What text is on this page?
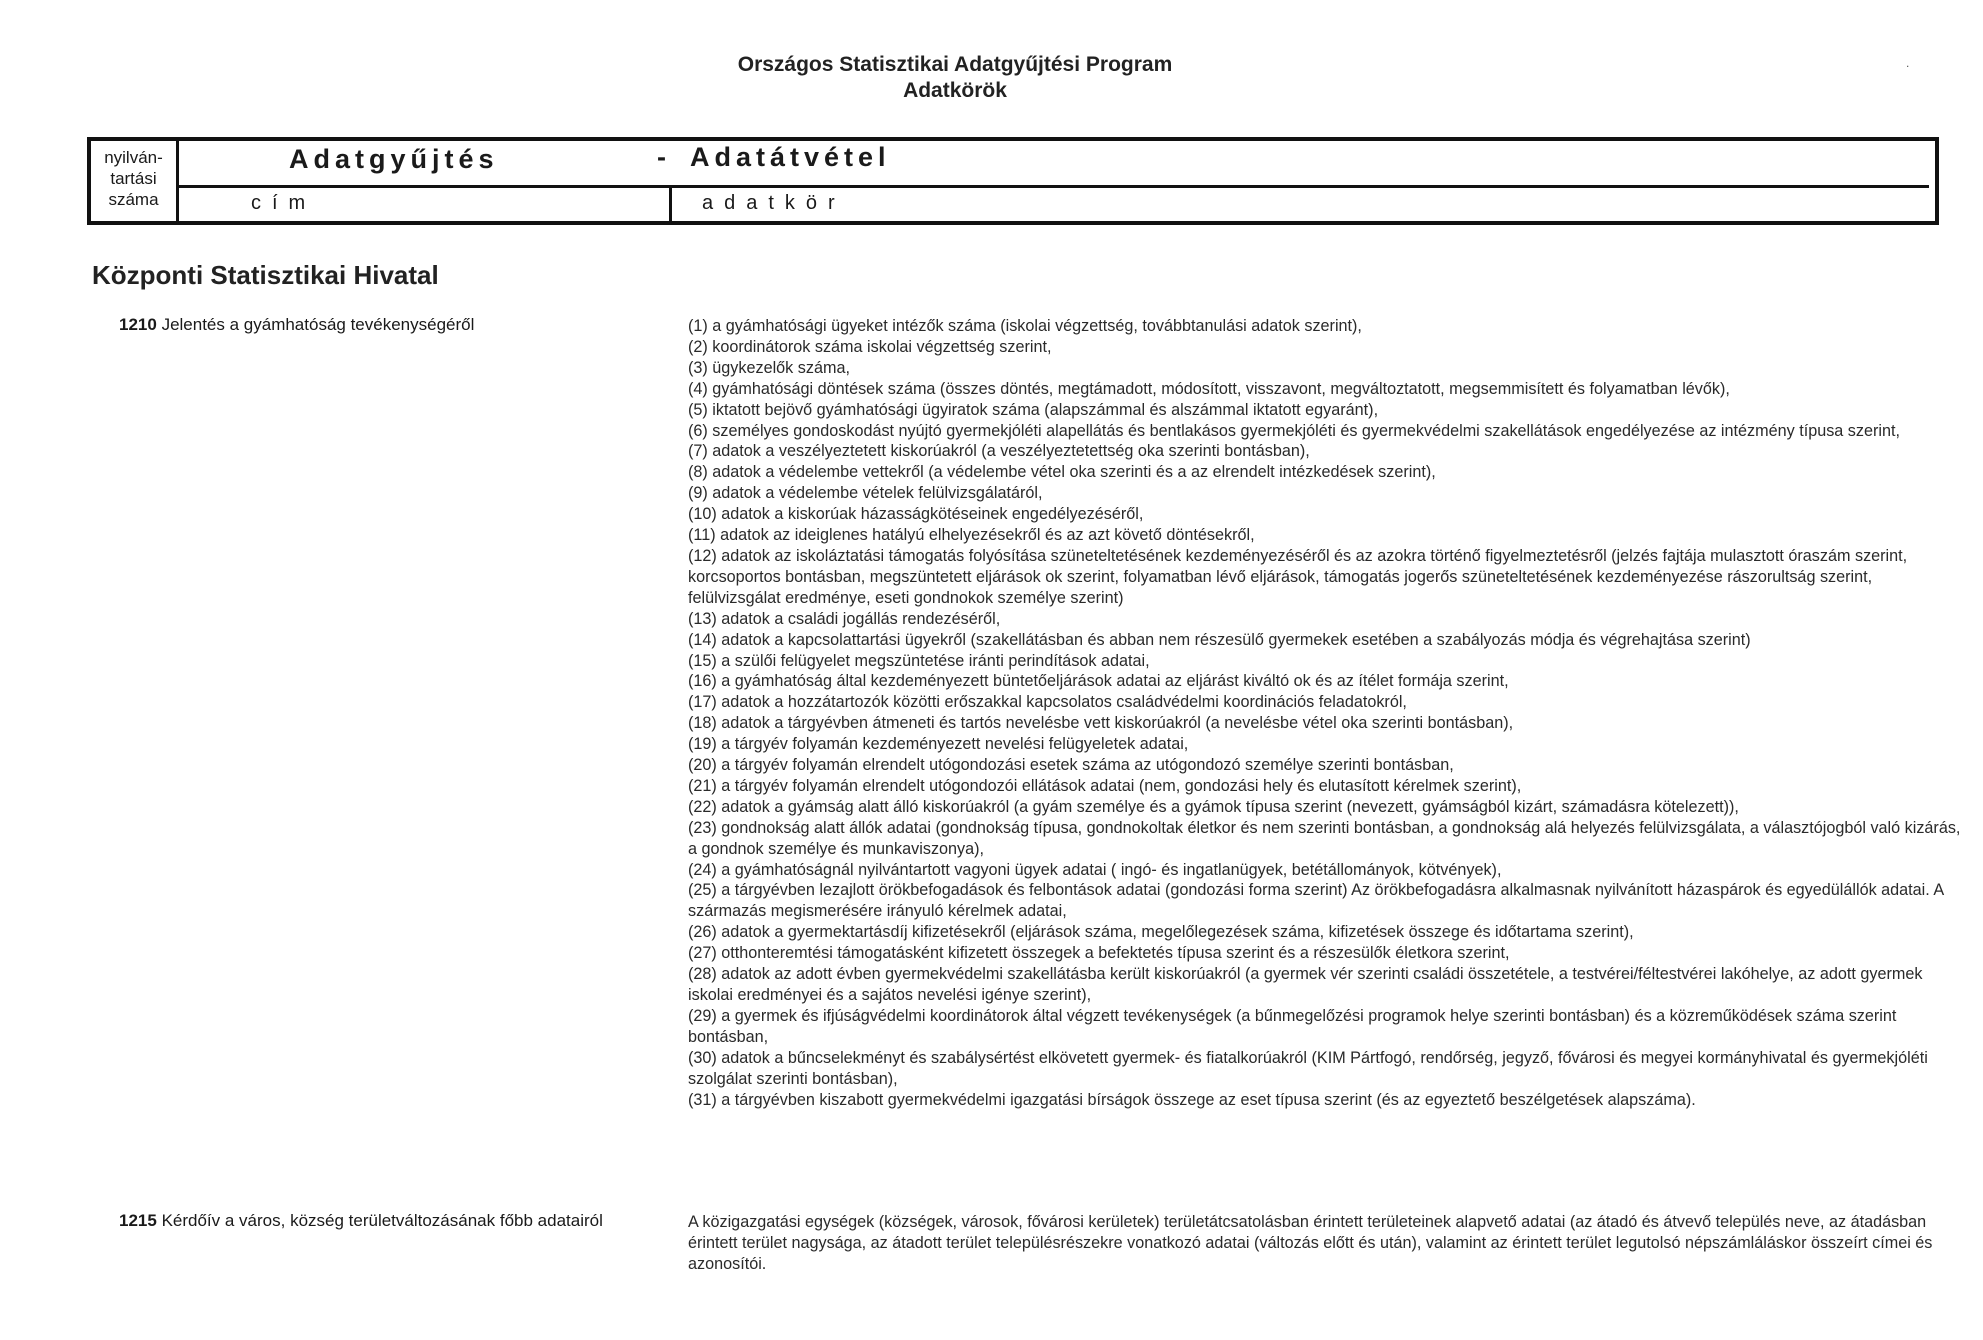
Országos Statisztikai Adatgyűjtési Program
Adatkörök
.
nyilván-
tartási
száma
Adatgyűjtés	- Adatátvétel
cím	adatkör
Központi Statisztikai Hivatal
1210 Jelentés a gyámhatóság tevékenységéről	(1) a gyámhatósági ügyeket intézők száma (iskolai végzettség, továbbtanulási adatok szerint),
(2) koordinátorok száma iskolai végzettség szerint,
(3) ügykezelők száma,
(4) gyámhatósági döntések száma (összes döntés, megtámadott, módosított, visszavont, megváltoztatott, megsemmisített és folyamatban lévők),
(5) iktatott bejövő gyámhatósági ügyiratok száma (alapszámmal és alszámmal iktatott egyaránt),
(6) személyes gondoskodást nyújtó gyermekjóléti alapellátás és bentlakásos gyermekjóléti és gyermekvédelmi szakellátások engedélyezése az intézmény típusa szerint,
(7) adatok a veszélyeztetett kiskorúakról (a veszélyeztetettség oka szerinti bontásban),
(8) adatok a védelembe vettekről (a védelembe vétel oka szerinti és a az elrendelt intézkedések szerint),
(9) adatok a védelembe vételek felülvizsgálatáról,
(10) adatok a kiskorúak házasságkötéseinek engedélyezéséről,
(11) adatok az ideiglenes hatályú elhelyezésekről és az azt követő döntésekről,
(12) adatok az iskoláztatási támogatás folyósítása szüneteltetésének kezdeményezéséről és az azokra történő figyelmeztetésről (jelzés fajtája mulasztott óraszám szerint, korcsoportos bontásban, megszüntetett eljárások ok szerint, folyamatban lévő eljárások, támogatás jogerős szüneteltetésének kezdeményezése rászorultság szerint, felülvizsgálat eredménye, eseti gondnokok személye szerint)
(13) adatok a családi jogállás rendezéséről,
(14) adatok a kapcsolattartási ügyekről (szakellátásban és abban nem részesülő gyermekek esetében a szabályozás módja és végrehajtása szerint)
(15) a szülői felügyelet megszüntetése iránti perindítások adatai,
(16) a gyámhatóság által kezdeményezett büntetőeljárások adatai az eljárást kiváltó ok és az ítélet formája szerint,
(17) adatok a hozzátartozók közötti erőszakkal kapcsolatos családvédelmi koordinációs feladatokról,
(18) adatok a tárgyévben átmeneti és tartós nevelésbe vett kiskorúakról (a nevelésbe vétel oka szerinti bontásban),
(19) a tárgyév folyamán kezdeményezett nevelési felügyeletek adatai,
(20) a tárgyév folyamán elrendelt utógondozási esetek száma az utógondozó személye szerinti bontásban,
(21) a tárgyév folyamán elrendelt utógondozói ellátások adatai (nem, gondozási hely és elutasított kérelmek szerint),
(22) adatok a gyámság alatt álló kiskorúakról (a gyám személye és a gyámok típusa szerint (nevezett, gyámságból kizárt, számadásra kötelezett)),
(23) gondnokság alatt állók adatai (gondnokság típusa, gondnokoltak életkor és nem szerinti bontásban, a gondnokság alá helyezés felülvizsgálata, a választójogból való kizárás, a gondnok személye és munkaviszonya),
(24) a gyámhatóságnál nyilvántartott vagyoni ügyek adatai ( ingó- és ingatlanügyek, betétállományok, kötvények),
(25) a tárgyévben lezajlott örökbefogadások és felbontások adatai (gondozási forma szerint) Az örökbefogadásra alkalmasnak nyilvánított házaspárok és egyedülállók adatai. A származás megismerésére irányuló kérelmek adatai,
(26) adatok a gyermektartásdíj kifizetésekről (eljárások száma, megelőlegezések száma, kifizetések összege és időtartama szerint),
(27) otthonteremtési támogatásként kifizetett összegek a befektetés típusa szerint és a részesülők életkora szerint,
(28) adatok az adott évben gyermekvédelmi szakellátásba került kiskorúakról (a gyermek vér szerinti családi összetétele, a testvérei/féltestvérei lakóhelye, az adott gyermek iskolai eredményei és a sajátos nevelési igénye szerint),
(29) a gyermek és ifjúságvédelmi koordinátorok által végzett tevékenységek (a bűnmegelőzési programok helye szerinti bontásban) és a közreműködések száma szerint bontásban,
(30) adatok a bűncselekményt és szabálysértést elkövetett gyermek- és fiatalkorúakról (KIM Pártfogó, rendőrség, jegyző, fővárosi és megyei kormányhivatal és gyermekjóléti szolgálat szerinti bontásban),
(31) a tárgyévben kiszabott gyermekvédelmi igazgatási bírságok összege az eset típusa szerint (és az egyeztető beszélgetések alapszáma).
1215 Kérdőív a város, község területváltozásának főbb adatairól	A közigazgatási egységek (községek, városok, fővárosi kerületek) területátcsatolásban érintett területeinek alapvető adatai (az átadó és átvevő település neve, az átadásban érintett terület nagysága, az átadott terület településrészekre vonatkozó adatai (változás előtt és után), valamint az érintett terület legutolsó népszámláláskor összeírt címei és azonosítói.
